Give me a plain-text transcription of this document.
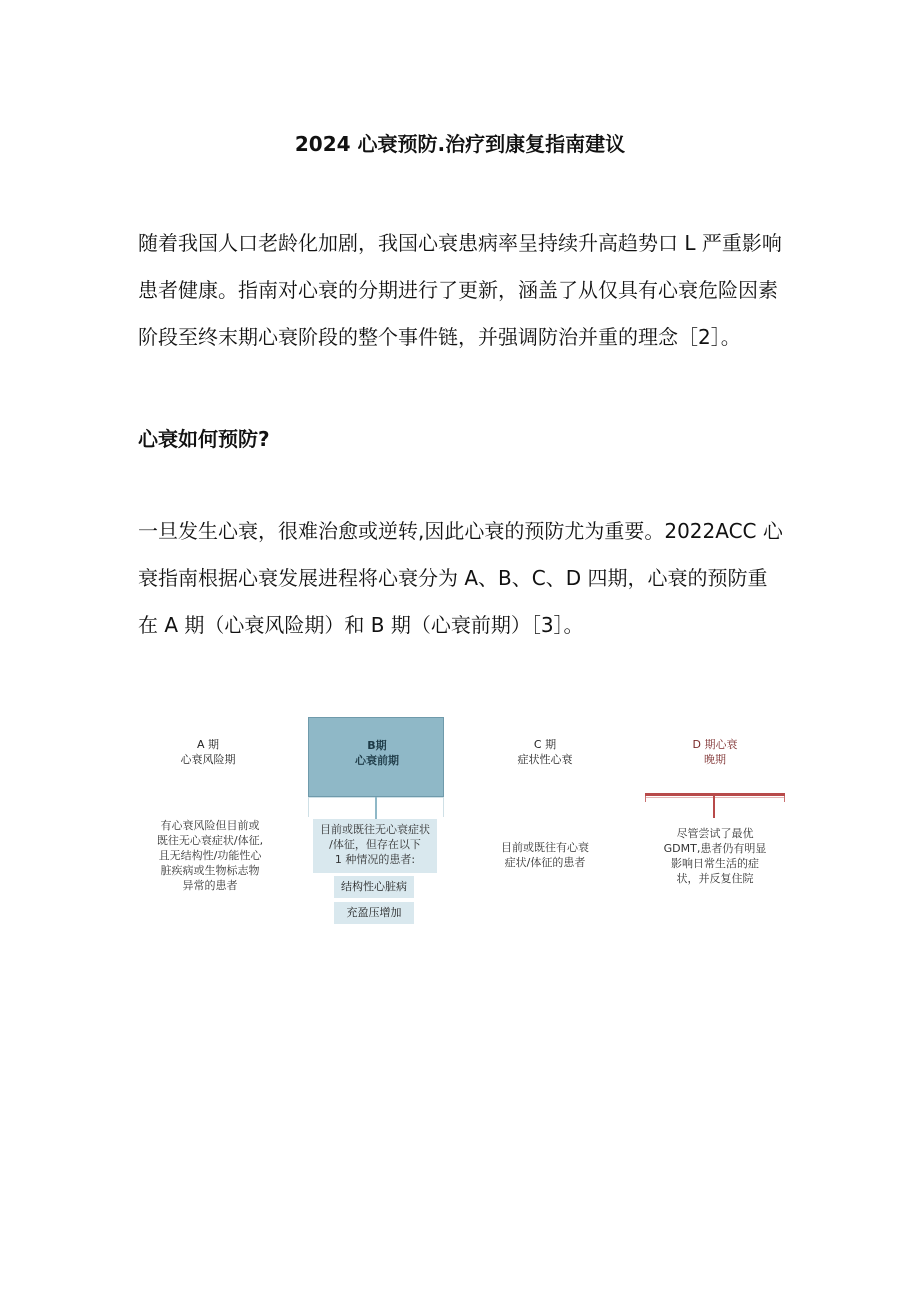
2024 心衰预防.治疗到康复指南建议

随着我国人口老龄化加剧，我国心衰患病率呈持续升高趋势口 L 严重影响
患者健康。指南对心衰的分期进行了更新，涵盖了从仅具有心衰危险因素
阶段至终末期心衰阶段的整个事件链，并强调防治并重的理念［2］。

心衰如何预防?

一旦发生心衰，很难治愈或逆转,因此心衰的预防尤为重要。2022ACC 心
衰指南根据心衰发展进程将心衰分为 A、B、C、D 四期，心衰的预防重
在 A 期（心衰风险期）和 B 期（心衰前期）［3］。

A 期
心衰风险期
有心衰风险但目前或
既往无心衰症状/体征,
且无结构性/功能性心
脏疾病或生物标志物
异常的患者
B期
心衰前期
目前或既往无心衰症状
/体征，但存在以下
1 种情况的患者:
结构性心脏病
充盈压增加
C 期
症状性心衰
目前或既往有心衰
症状/体征的患者
D 期心衰
晚期
尽管尝试了最优
GDMT,患者仍有明显
影响日常生活的症
状，并反复住院
